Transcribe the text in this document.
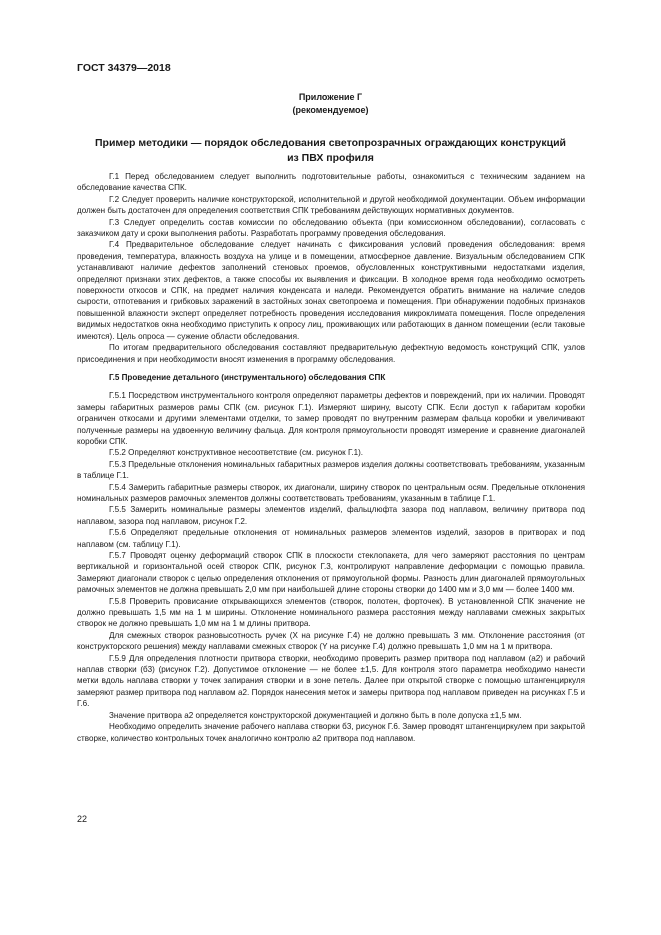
ГОСТ 34379—2018
Приложение Г
(рекомендуемое)
Пример методики — порядок обследования светопрозрачных ограждающих конструкций
из ПВХ профиля

Г.1 Перед обследованием следует выполнить подготовительные работы, ознакомиться с техническим заданием на обследование качества СПК.

Г.2 Следует проверить наличие конструкторской, исполнительной и другой необходимой документации. Объем информации должен быть достаточен для определения соответствия СПК требованиям действующих нормативных документов.

Г.3 Следует определить состав комиссии по обследованию объекта (при комиссионном обследовании), согласовать с заказчиком дату и сроки выполнения работы. Разработать программу проведения обследования.

Г.4 Предварительное обследование следует начинать с фиксирования условий проведения обследования: время проведения, температура, влажность воздуха на улице и в помещении, атмосферное давление. Визуальным обследованием СПК устанавливают наличие дефектов заполнений стеновых проемов, обусловленных конструктивными недостатками изделия, определяют признаки этих дефектов, а также способы их выявления и фиксации. В холодное время года необходимо осмотреть поверхности откосов и СПК, на предмет наличия конденсата и наледи. Рекомендуется обратить внимание на наличие следов сырости, отпотевания и грибковых заражений в застойных зонах светопроема и помещения. При обнаружении подобных признаков повышенной влажности эксперт определяет потребность проведения исследования микроклимата помещения. После определения видимых недостатков окна необходимо приступить к опросу лиц, проживающих или работающих в данном помещении (если таковые имеются). Цель опроса — сужение области обследования.

По итогам предварительного обследования составляют предварительную дефектную ведомость конструкций СПК, узлов присоединения и при необходимости вносят изменения в программу обследования.

Г.5 Проведение детального (инструментального) обследования СПК

Г.5.1 Посредством инструментального контроля определяют параметры дефектов и повреждений, при их наличии. Проводят замеры габаритных размеров рамы СПК (см. рисунок Г.1). Измеряют ширину, высоту СПК. Если доступ к габаритам коробки ограничен откосами и другими элементами отделки, то замер проводят по внутренним размерам фальца коробки и увеличивают полученные размеры на удвоенную величину фальца. Для контроля прямоугольности проводят измерение и сравнение диагоналей коробки СПК.

Г.5.2 Определяют конструктивное несоответствие (см. рисунок Г.1).

Г.5.3 Предельные отклонения номинальных габаритных размеров изделия должны соответствовать требованиям, указанным в таблице Г.1.

Г.5.4 Замерить габаритные размеры створок, их диагонали, ширину створок по центральным осям. Предельные отклонения номинальных размеров рамочных элементов должны соответствовать требованиям, указанным в таблице Г.1.

Г.5.5 Замерить номинальные размеры элементов изделий, фальцлюфта зазора под наплавом, величину притвора под наплавом, зазора под наплавом, рисунок Г.2.

Г.5.6 Определяют предельные отклонения от номинальных размеров элементов изделий, зазоров в притворах и под наплавом (см. таблицу Г.1).

Г.5.7 Проводят оценку деформаций створок СПК в плоскости стеклопакета, для чего замеряют расстояния по центрам вертикальной и горизонтальной осей створок СПК, рисунок Г.3, контролируют направление деформации с помощью правила. Замеряют диагонали створок с целью определения отклонения от прямоугольной формы. Разность длин диагоналей прямоугольных рамочных элементов не должна превышать 2,0 мм при наибольшей длине стороны створки до 1400 мм и 3,0 мм — более 1400 мм.

Г.5.8 Проверить провисание открывающихся элементов (створок, полотен, форточек). В установленной СПК значение не должно превышать 1,5 мм на 1 м ширины. Отклонение номинального размера расстояния между наплавами смежных закрытых створок не должно превышать 1,0 мм на 1 м длины притвора.

Для смежных створок разновысотность ручек (Х на рисунке Г.4) не должно превышать 3 мм. Отклонение расстояния (от конструкторского решения) между наплавами смежных створок (Y на рисунке Г.4) должно превышать 1,0 мм на 1 м притвора.

Г.5.9 Для определения плотности притвора створки, необходимо проверить размер притвора под наплавом (а2) и рабочий наплав створки (б3) (рисунок Г.2). Допустимое отклонение — не более ±1,5. Для контроля этого параметра необходимо нанести метки вдоль наплава створки у точек запирания створки и в зоне петель. Далее при открытой створке с помощью штангенциркуля замеряют размер притвора под наплавом а2. Порядок нанесения меток и замеры притвора под наплавом приведен на рисунках Г.5 и Г.6.

Значение притвора а2 определяется конструкторской документацией и должно быть в поле допуска ±1,5 мм.

Необходимо определить значение рабочего наплава створки б3, рисунок Г.6. Замер проводят штангенциркулем при закрытой створке, количество контрольных точек аналогично контролю а2 притвора под наплавом.

22
